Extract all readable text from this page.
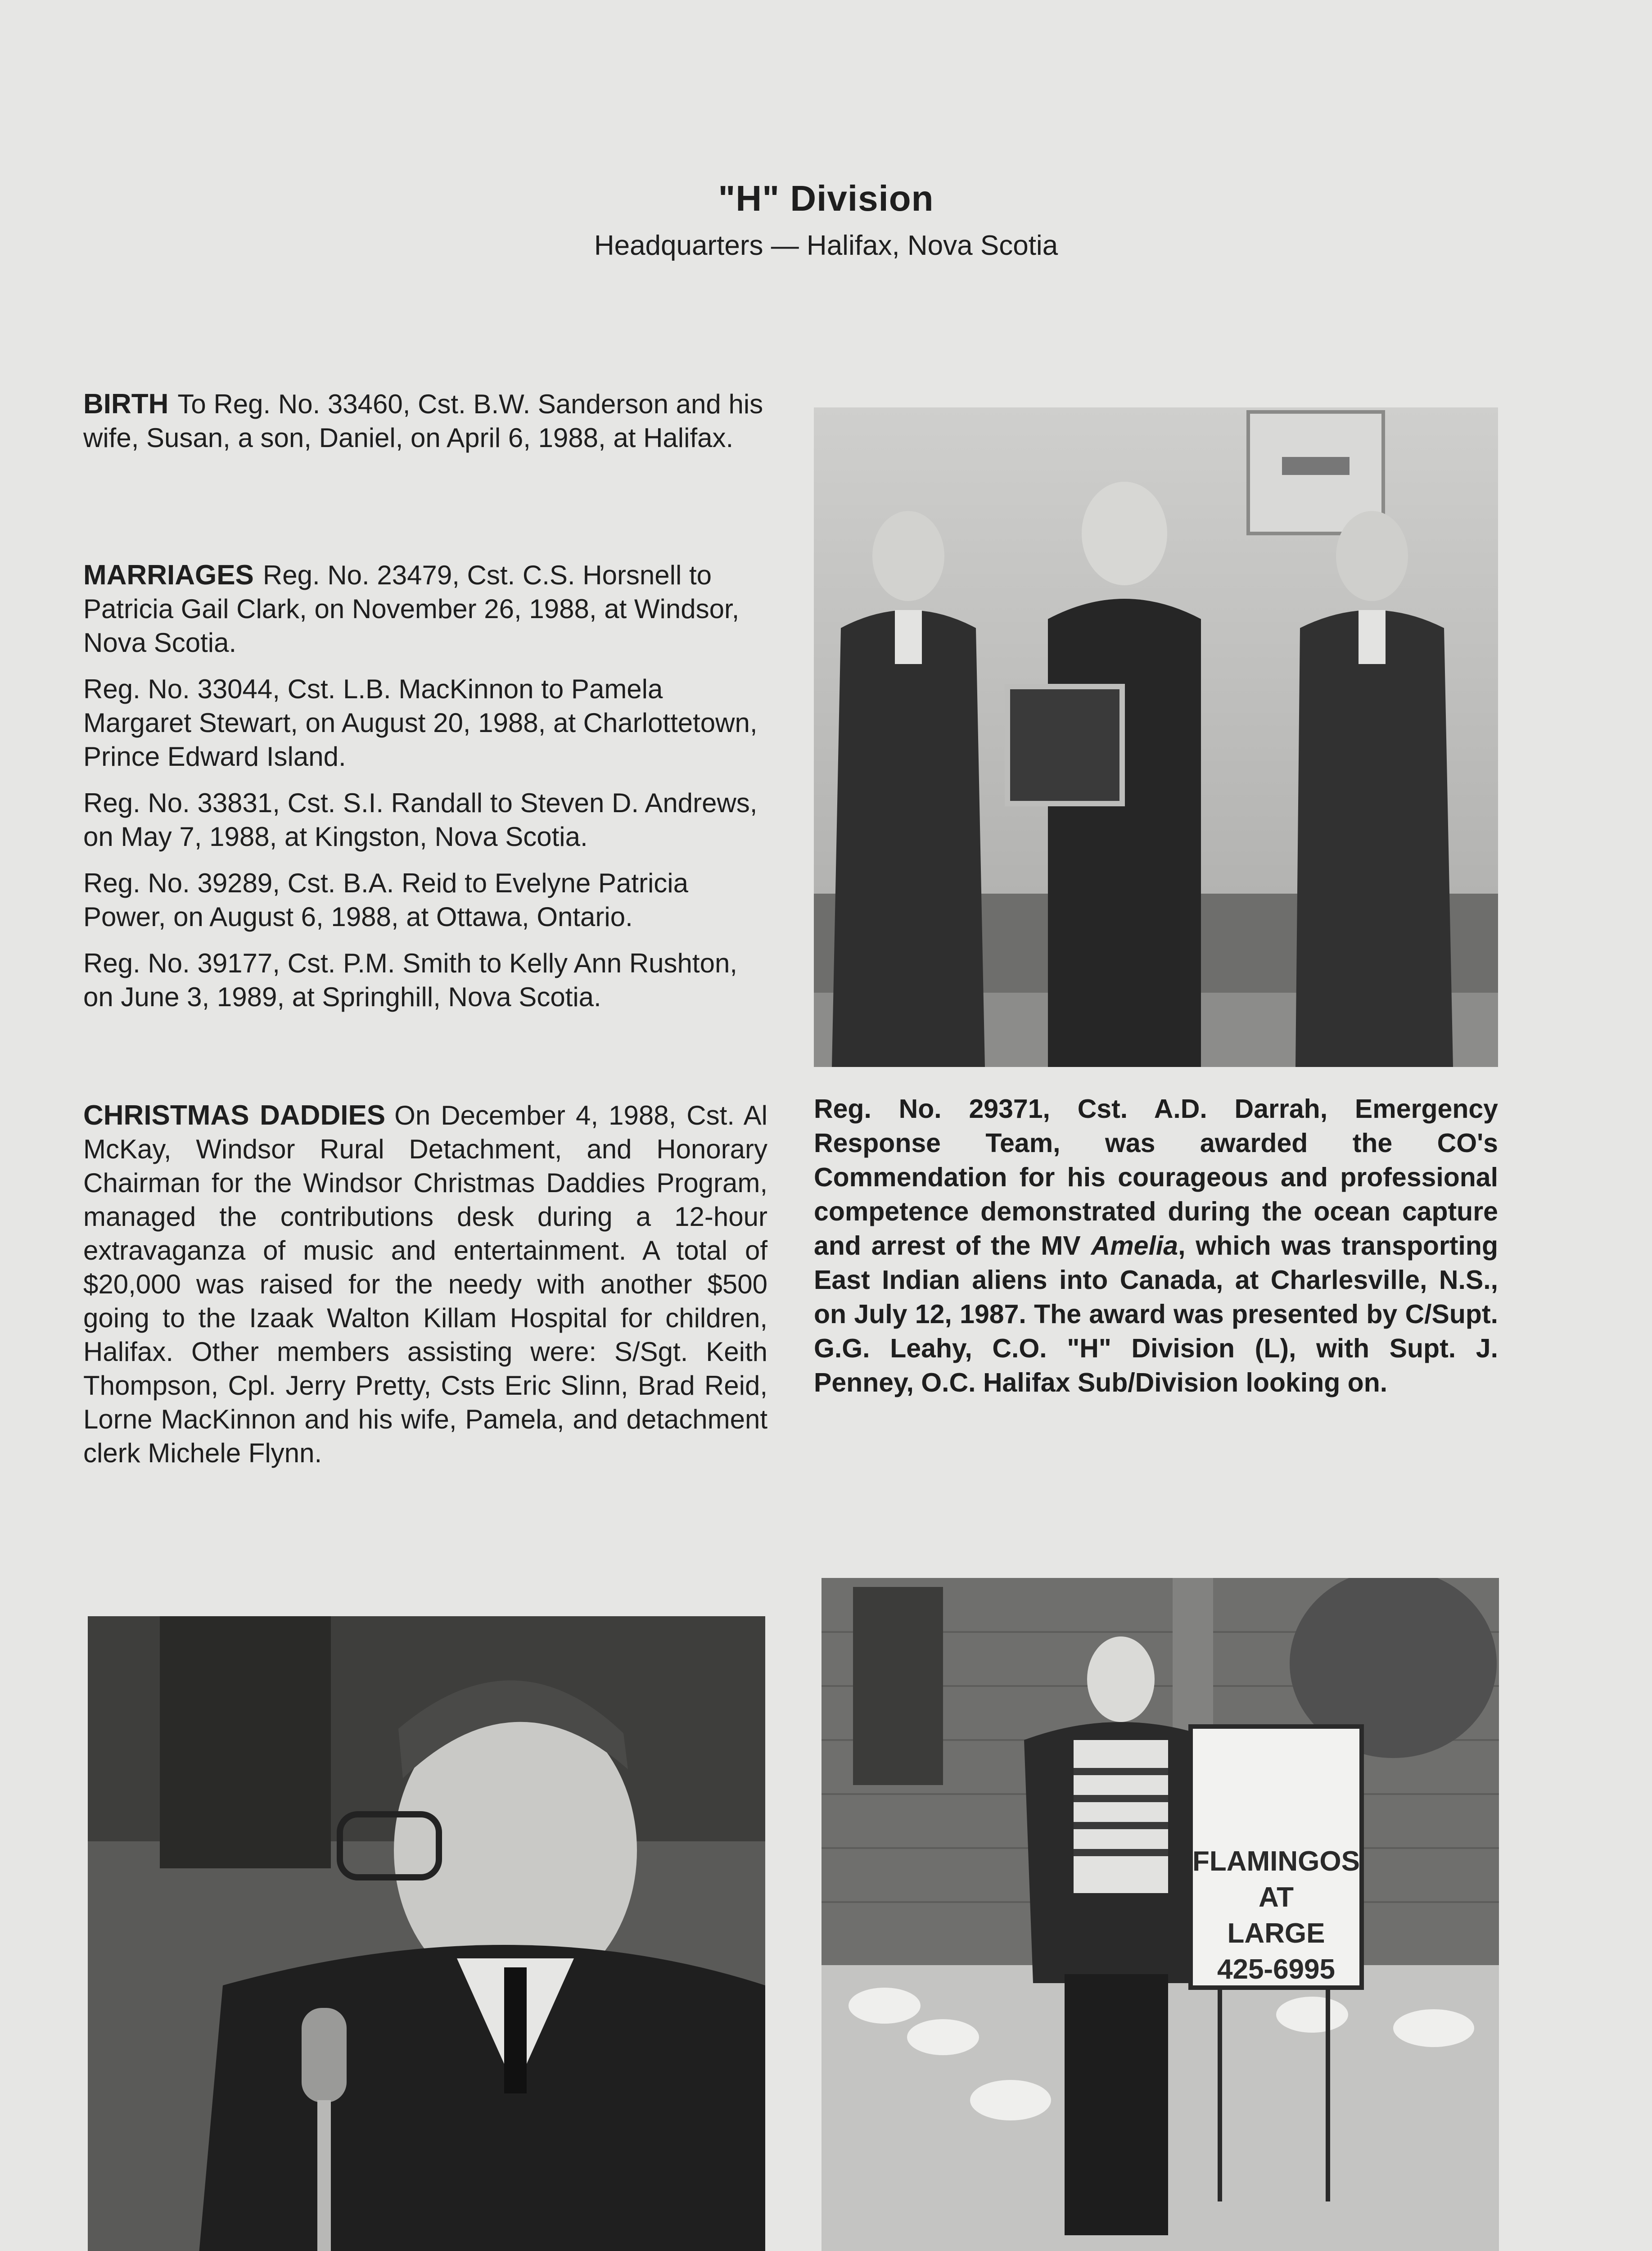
"H" Division
Headquarters — Halifax, Nova Scotia

BIRTH To Reg. No. 33460, Cst. B.W. Sanderson and his wife, Susan, a son, Daniel, on April 6, 1988, at Halifax.

MARRIAGES Reg. No. 23479, Cst. C.S. Horsnell to Patricia Gail Clark, on November 26, 1988, at Windsor, Nova Scotia.

Reg. No. 33044, Cst. L.B. MacKinnon to Pamela Margaret Stewart, on August 20, 1988, at Charlottetown, Prince Edward Island.

Reg. No. 33831, Cst. S.I. Randall to Steven D. Andrews, on May 7, 1988, at Kingston, Nova Scotia.

Reg. No. 39289, Cst. B.A. Reid to Evelyne Patricia Power, on August 6, 1988, at Ottawa, Ontario.

Reg. No. 39177, Cst. P.M. Smith to Kelly Ann Rushton, on June 3, 1989, at Springhill, Nova Scotia.

CHRISTMAS DADDIES On December 4, 1988, Cst. Al McKay, Windsor Rural Detachment, and Honorary Chairman for the Windsor Christmas Daddies Program, managed the contributions desk during a 12-hour extravaganza of music and entertainment. A total of $20,000 was raised for the needy with another $500 going to the Izaak Walton Killam Hospital for children, Halifax. Other members assisting were: S/Sgt. Keith Thompson, Cpl. Jerry Pretty, Csts Eric Slinn, Brad Reid, Lorne MacKinnon and his wife, Pamela, and detachment clerk Michele Flynn.

Reg. No. 29371, Cst. A.D. Darrah, Emergency Response Team, was awarded the CO's Commendation for his courageous and professional competence demonstrated during the ocean capture and arrest of the MV Amelia, which was transporting East Indian aliens into Canada, at Charlesville, N.S., on July 12, 1987. The award was presented by C/Supt. G.G. Leahy, C.O. "H" Division (L), with Supt. J. Penney, O.C. Halifax Sub/Division looking on.

FLAMINGOS
AT
LARGE
425-6995
